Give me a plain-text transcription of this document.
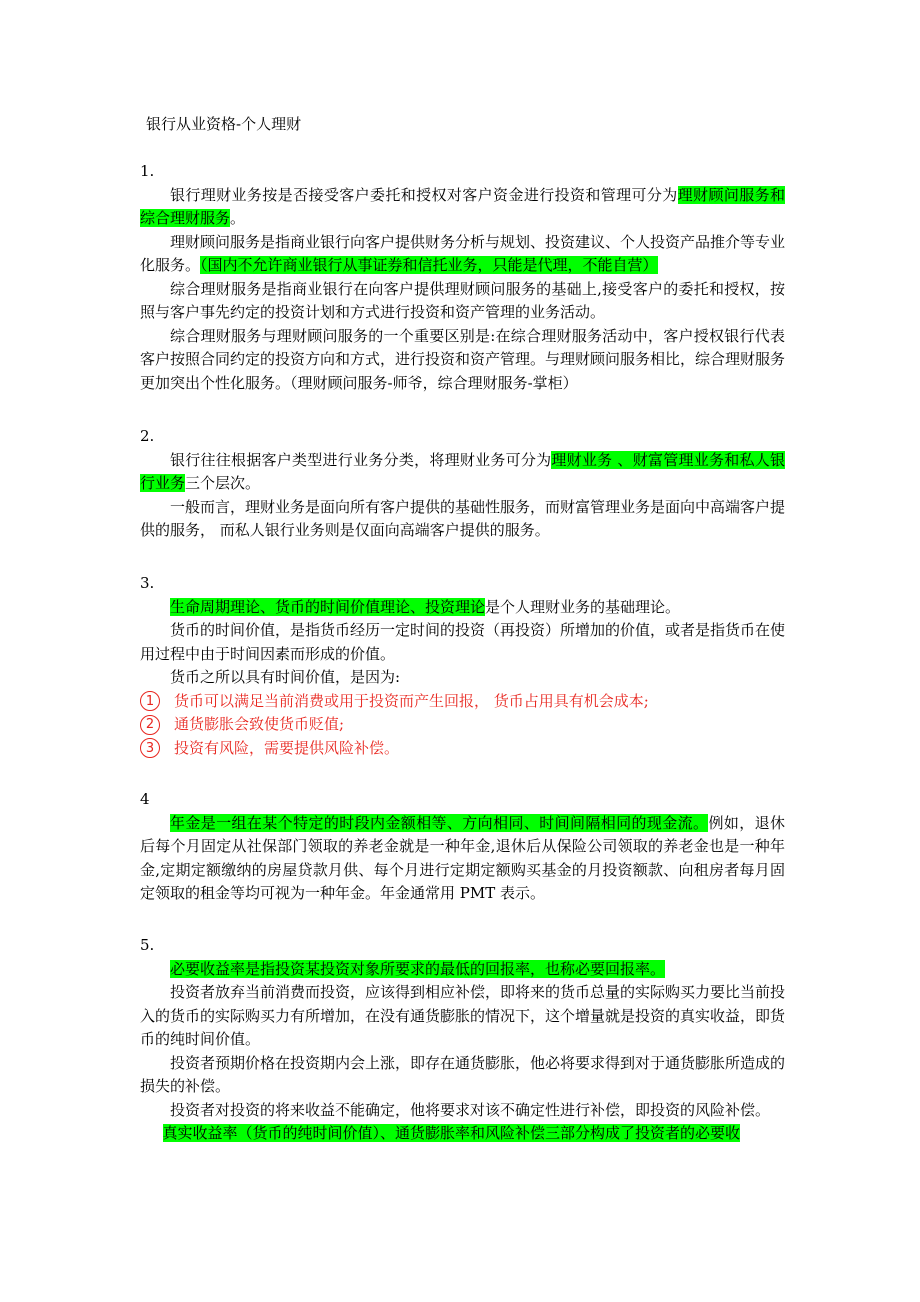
银行从业资格-个人理财
1.

银行理财业务按是否接受客户委托和授权对客户资金进行投资和管理可分为理财顾问服务和综合理财服务。

理财顾问服务是指商业银行向客户提供财务分析与规划、投资建议、个人投资产品推介等专业化服务。（国内不允许商业银行从事证券和信托业务，只能是代理，不能自营）

综合理财服务是指商业银行在向客户提供理财顾问服务的基础上,接受客户的委托和授权，按照与客户事先约定的投资计划和方式进行投资和资产管理的业务活动。

综合理财服务与理财顾问服务的一个重要区别是:在综合理财服务活动中，客户授权银行代表客户按照合同约定的投资方向和方式，进行投资和资产管理。与理财顾问服务相比，综合理财服务更加突出个性化服务。（理财顾问服务-师爷，综合理财服务-掌柜）

2.

银行往往根据客户类型进行业务分类，将理财业务可分为理财业务 、财富管理业务和私人银行业务三个层次。

一般而言，理财业务是面向所有客户提供的基础性服务，而财富管理业务是面向中高端客户提供的服务， 而私人银行业务则是仅面向高端客户提供的服务。

3.

生命周期理论、货币的时间价值理论、投资理论是个人理财业务的基础理论。

货币的时间价值，是指货币经历一定时间的投资（再投资）所增加的价值，或者是指货币在使用过程中由于时间因素而形成的价值。

货币之所以具有时间价值，是因为:

1	货币可以满足当前消费或用于投资而产生回报， 货币占用具有机会成本;
2	通货膨胀会致使货币贬值;
3	投资有风险，需要提供风险补偿。
4

年金是一组在某个特定的时段内金额相等、方向相同、时间间隔相同的现金流。例如，退休后每个月固定从社保部门领取的养老金就是一种年金,退休后从保险公司领取的养老金也是一种年金,定期定额缴纳的房屋贷款月供、每个月进行定期定额购买基金的月投资额款、向租房者每月固定领取的租金等均可视为一种年金。年金通常用 PMT 表示。

5.

必要收益率是指投资某投资对象所要求的最低的回报率，也称必要回报率。

投资者放弃当前消费而投资，应该得到相应补偿，即将来的货币总量的实际购买力要比当前投入的货币的实际购买力有所增加，在没有通货膨胀的情况下，这个增量就是投资的真实收益，即货币的纯时间价值。

投资者预期价格在投资期内会上涨，即存在通货膨胀，他必将要求得到对于通货膨胀所造成的损失的补偿。

投资者对投资的将来收益不能确定，他将要求对该不确定性进行补偿，即投资的风险补偿。

真实收益率（货币的纯时间价值）、通货膨胀率和风险补偿三部分构成了投资者的必要收
